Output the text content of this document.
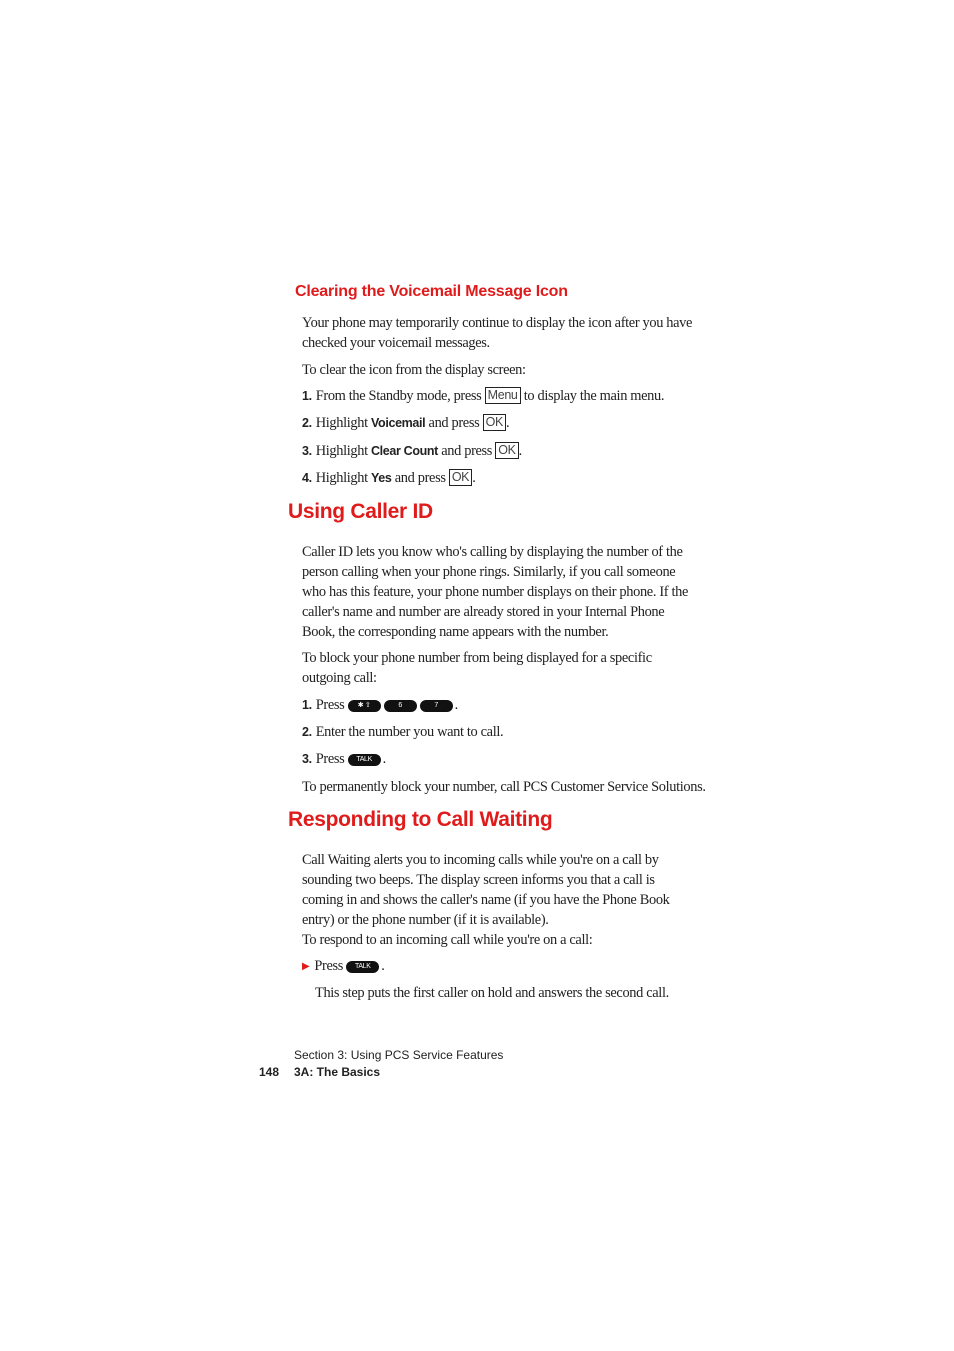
Clearing the Voicemail Message Icon
Your phone may temporarily continue to display the icon after you have checked your voicemail messages.
To clear the icon from the display screen:
1. From the Standby mode, press Menu to display the main menu.
2. Highlight Voicemail and press OK .
3. Highlight Clear Count and press OK .
4. Highlight Yes and press OK .
Using Caller ID
Caller ID lets you know who's calling by displaying the number of the person calling when your phone rings. Similarly, if you call someone who has this feature, your phone number displays on their phone. If the caller's name and number are already stored in your Internal Phone Book, the corresponding name appears with the number.
To block your phone number from being displayed for a specific outgoing call:
1. Press ✱ ⇧	6	7 .
2. Enter the number you want to call.
3. Press TALK .
To permanently block your number, call PCS Customer Service Solutions.
Responding to Call Waiting
Call Waiting alerts you to incoming calls while you're on a call by sounding two beeps. The display screen informs you that a call is coming in and shows the caller's name (if you have the Phone Book entry) or the phone number (if it is available).
To respond to an incoming call while you're on a call:
▶ Press TALK .
This step puts the first caller on hold and answers the second call.
Section 3: Using PCS Service Features
148 3A: The Basics
